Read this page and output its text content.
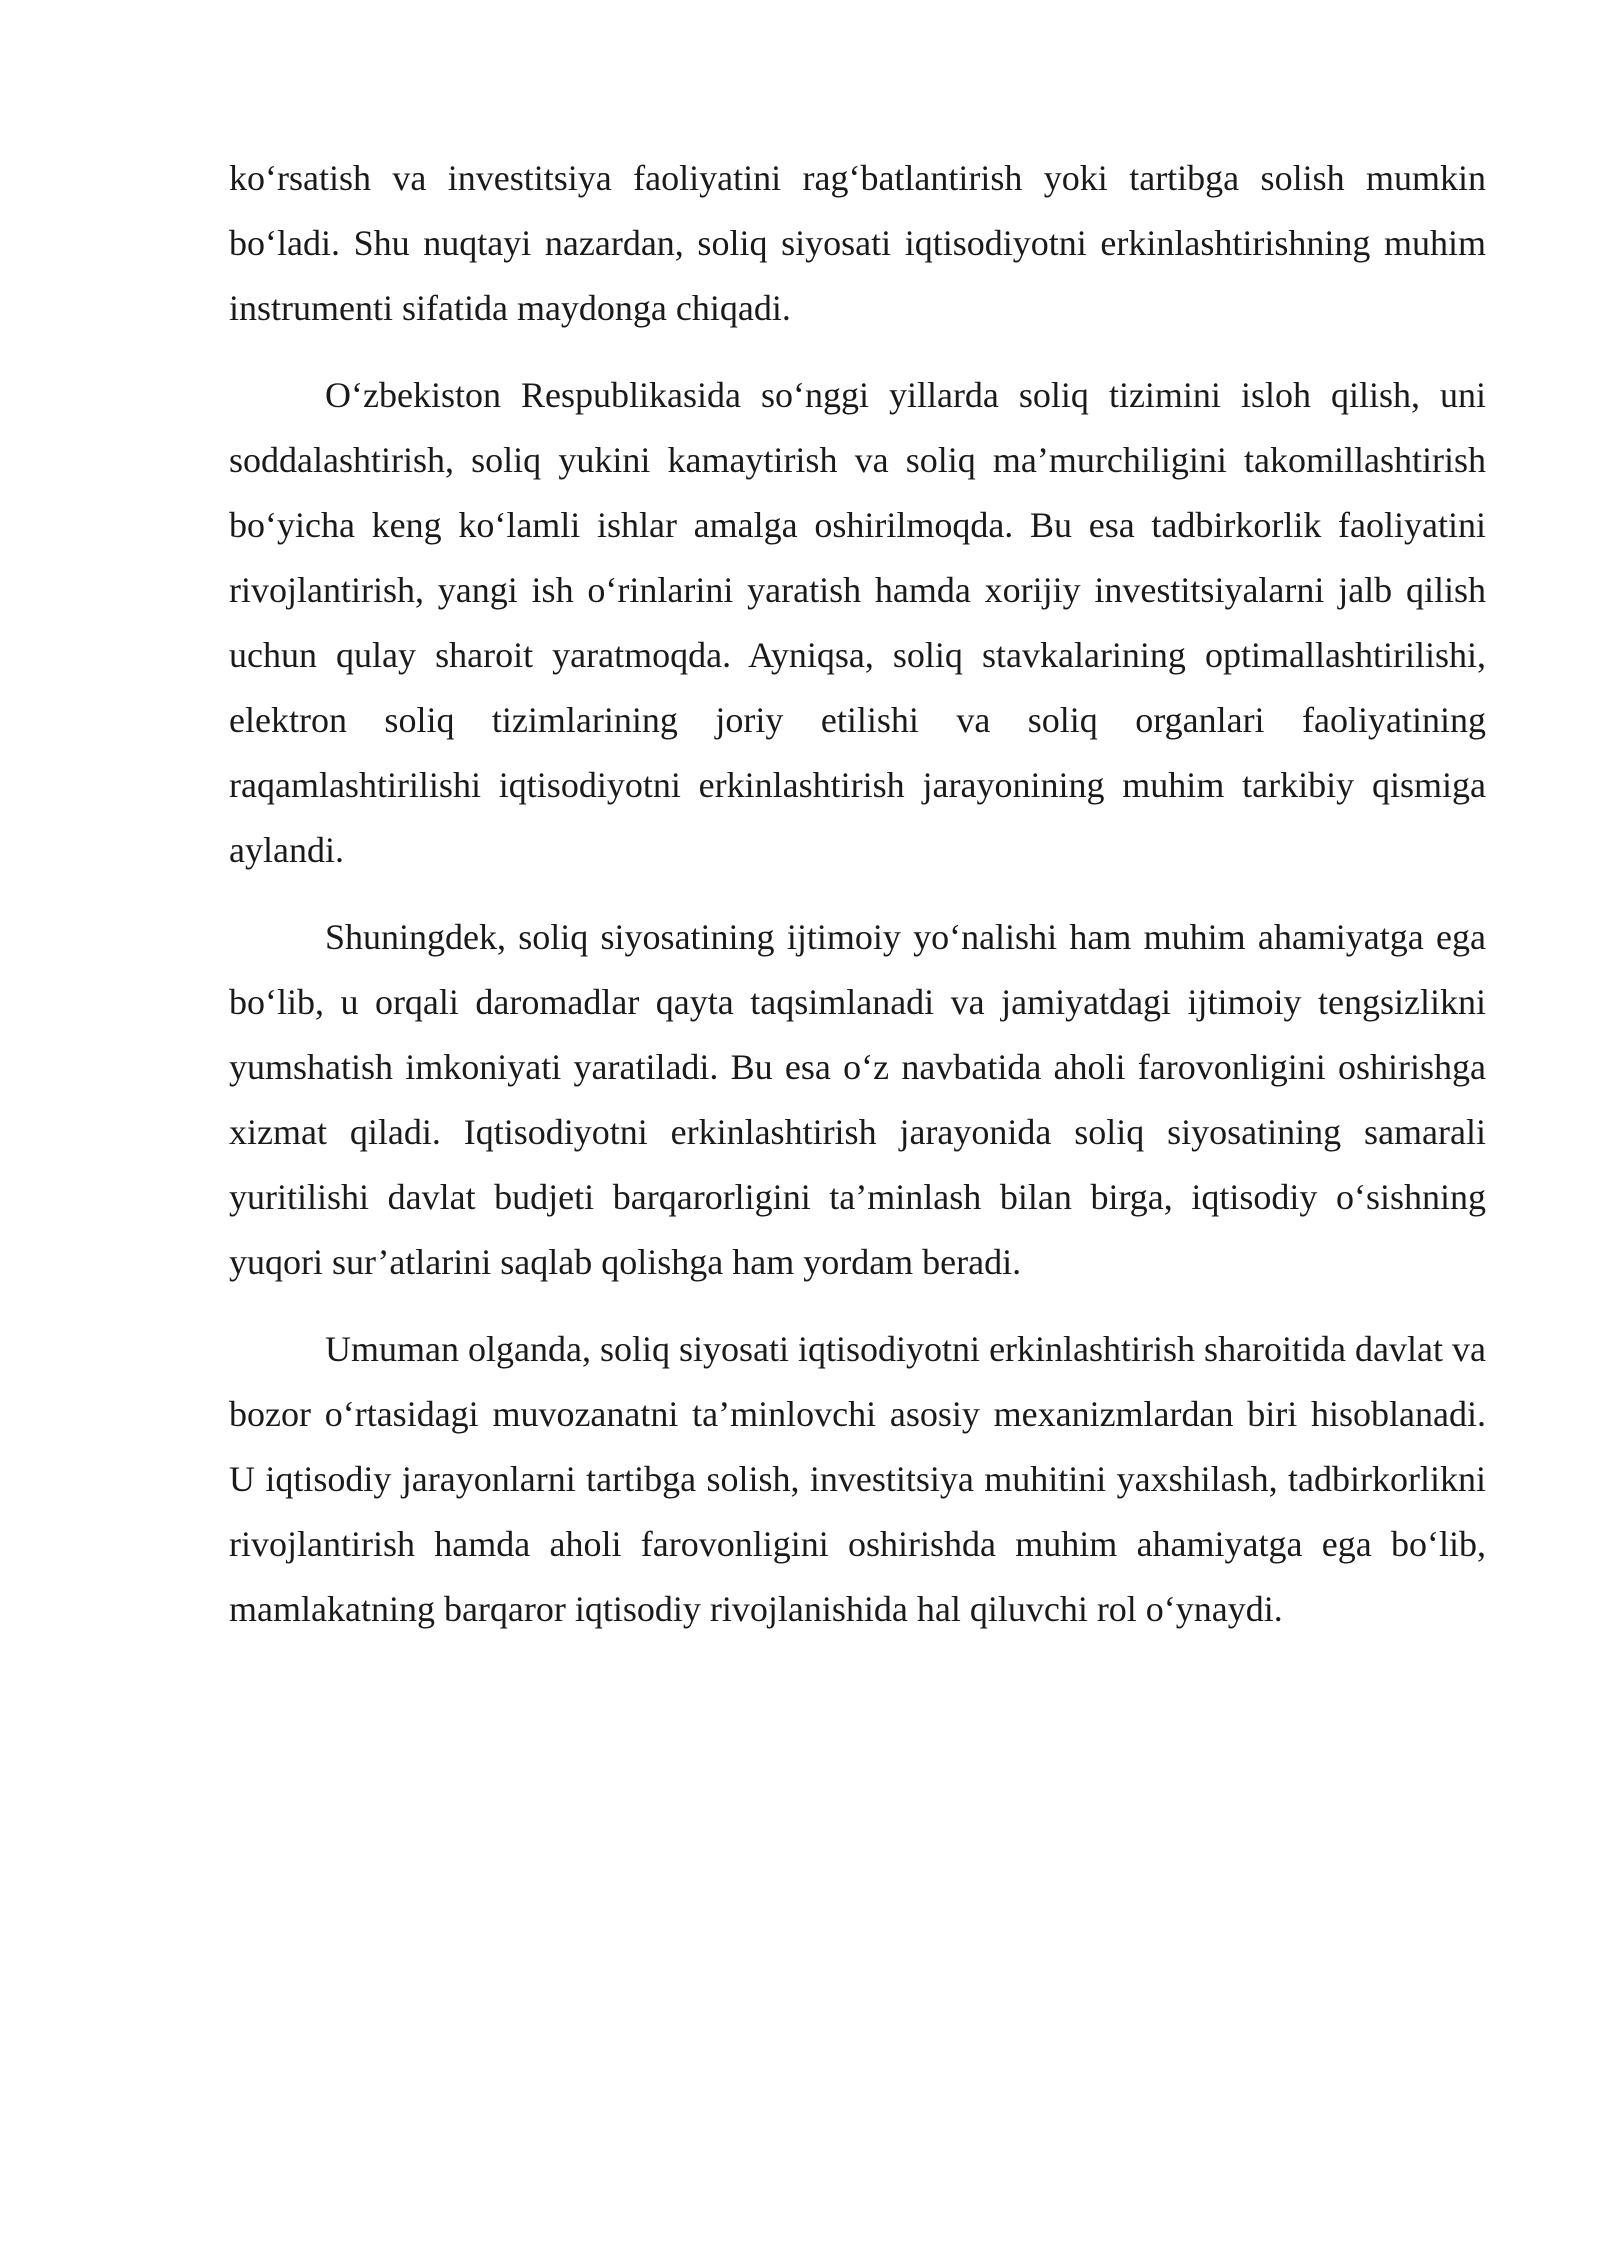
ko‘rsatish va investitsiya faoliyatini rag‘batlantirish yoki tartibga solish mumkin bo‘ladi. Shu nuqtayi nazardan, soliq siyosati iqtisodiyotni erkinlashtirishning muhim instrumenti sifatida maydonga chiqadi.

O‘zbekiston Respublikasida so‘nggi yillarda soliq tizimini isloh qilish, uni soddalashtirish, soliq yukini kamaytirish va soliq ma’murchiligini takomillashtirish bo‘yicha keng ko‘lamli ishlar amalga oshirilmoqda. Bu esa tadbirkorlik faoliyatini rivojlantirish, yangi ish o‘rinlarini yaratish hamda xorijiy investitsiyalarni jalb qilish uchun qulay sharoit yaratmoqda. Ayniqsa, soliq stavkalarining optimallashtirilishi, elektron soliq tizimlarining joriy etilishi va soliq organlari faoliyatining raqamlashtirilishi iqtisodiyotni erkinlashtirish jarayonining muhim tarkibiy qismiga aylandi.

Shuningdek, soliq siyosatining ijtimoiy yo‘nalishi ham muhim ahamiyatga ega bo‘lib, u orqali daromadlar qayta taqsimlanadi va jamiyatdagi ijtimoiy tengsizlikni yumshatish imkoniyati yaratiladi. Bu esa o‘z navbatida aholi farovonligini oshirishga xizmat qiladi. Iqtisodiyotni erkinlashtirish jarayonida soliq siyosatining samarali yuritilishi davlat budjeti barqarorligini ta’minlash bilan birga, iqtisodiy o‘sishning yuqori sur’atlarini saqlab qolishga ham yordam beradi.

Umuman olganda, soliq siyosati iqtisodiyotni erkinlashtirish sharoitida davlat va bozor o‘rtasidagi muvozanatni ta’minlovchi asosiy mexanizmlardan biri hisoblanadi. U iqtisodiy jarayonlarni tartibga solish, investitsiya muhitini yaxshilash, tadbirkorlikni rivojlantirish hamda aholi farovonligini oshirishda muhim ahamiyatga ega bo‘lib, mamlakatning barqaror iqtisodiy rivojlanishida hal qiluvchi rol o‘ynaydi.
